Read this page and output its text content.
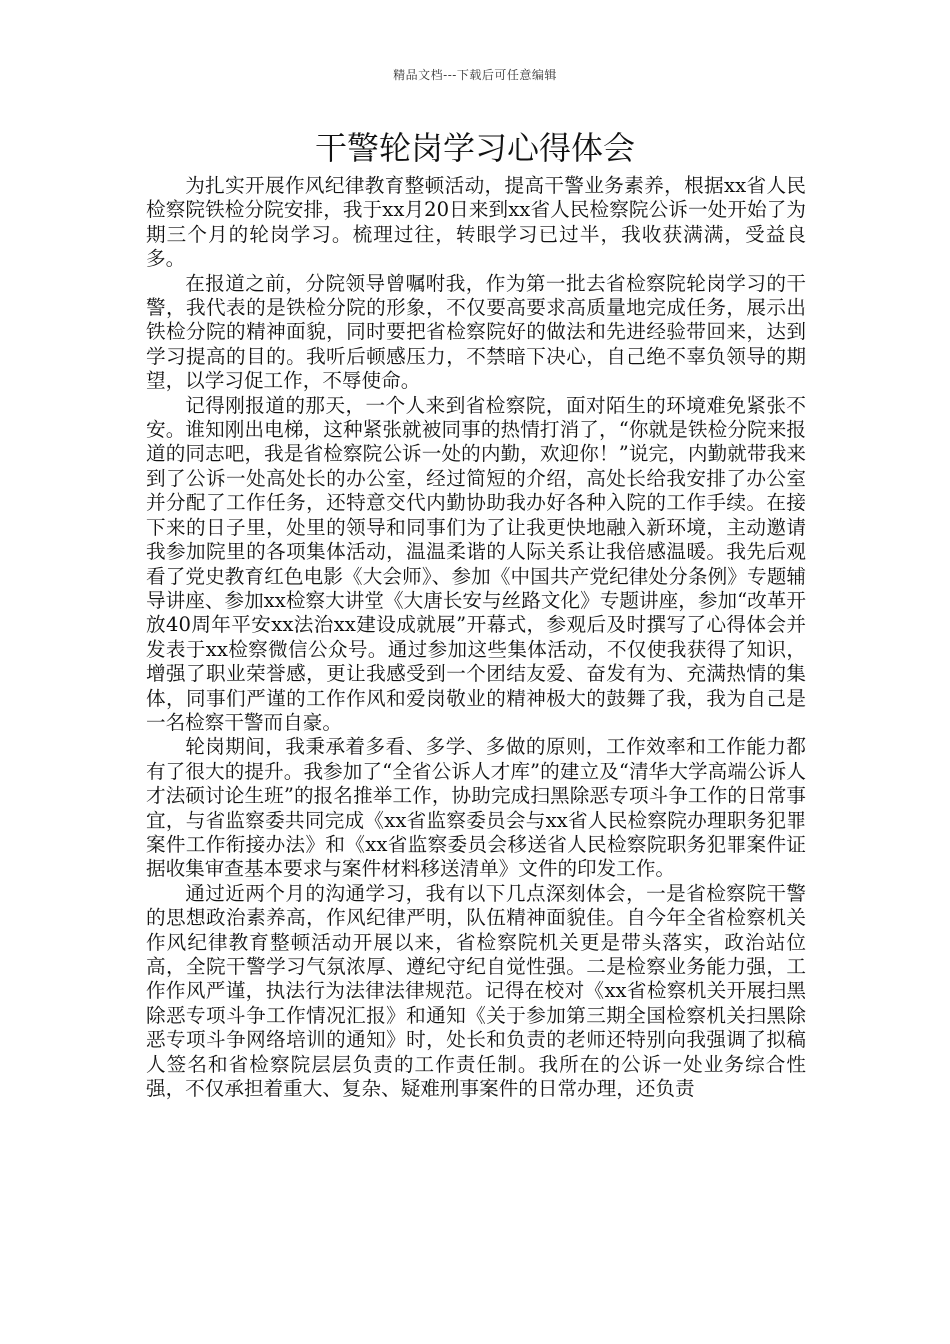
精品文档---下载后可任意编辑
干警轮岗学习心得体会

为扎实开展作风纪律教育整顿活动，提高干警业务素养，根据xx省人民检察院铁检分院安排，我于xx月20日来到xx省人民检察院公诉一处开始了为期三个月的轮岗学习。梳理过往，转眼学习已过半，我收获满满，受益良多。

在报道之前，分院领导曾嘱咐我，作为第一批去省检察院轮岗学习的干警，我代表的是铁检分院的形象，不仅要高要求高质量地完成任务，展示出铁检分院的精神面貌，同时要把省检察院好的做法和先进经验带回来，达到学习提高的目的。我听后顿感压力，不禁暗下决心，自己绝不辜负领导的期望，以学习促工作，不辱使命。

记得刚报道的那天，一个人来到省检察院，面对陌生的环境难免紧张不安。谁知刚出电梯，这种紧张就被同事的热情打消了，“你就是铁检分院来报道的同志吧，我是省检察院公诉一处的内勤，欢迎你！”说完，内勤就带我来到了公诉一处高处长的办公室，经过简短的介绍，高处长给我安排了办公室并分配了工作任务，还特意交代内勤协助我办好各种入院的工作手续。在接下来的日子里，处里的领导和同事们为了让我更快地融入新环境，主动邀请我参加院里的各项集体活动，温温柔谐的人际关系让我倍感温暖。我先后观看了党史教育红色电影《大会师》、参加《中国共产党纪律处分条例》专题辅导讲座、参加xx检察大讲堂《大唐长安与丝路文化》专题讲座，参加“改革开放40周年平安xx法治xx建设成就展”开幕式，参观后及时撰写了心得体会并发表于xx检察微信公众号。通过参加这些集体活动，不仅使我获得了知识，增强了职业荣誉感，更让我感受到一个团结友爱、奋发有为、充满热情的集体，同事们严谨的工作作风和爱岗敬业的精神极大的鼓舞了我，我为自己是一名检察干警而自豪。

轮岗期间，我秉承着多看、多学、多做的原则，工作效率和工作能力都有了很大的提升。我参加了“全省公诉人才库”的建立及“清华大学高端公诉人才法硕讨论生班”的报名推举工作，协助完成扫黑除恶专项斗争工作的日常事宜，与省监察委共同完成《xx省监察委员会与xx省人民检察院办理职务犯罪案件工作衔接办法》和《xx省监察委员会移送省人民检察院职务犯罪案件证据收集审查基本要求与案件材料移送清单》文件的印发工作。

通过近两个月的沟通学习，我有以下几点深刻体会，一是省检察院干警的思想政治素养高，作风纪律严明，队伍精神面貌佳。自今年全省检察机关作风纪律教育整顿活动开展以来，省检察院机关更是带头落实，政治站位高，全院干警学习气氛浓厚、遵纪守纪自觉性强。二是检察业务能力强，工作作风严谨，执法行为法律法律规范。记得在校对《xx省检察机关开展扫黑除恶专项斗争工作情况汇报》和通知《关于参加第三期全国检察机关扫黑除恶专项斗争网络培训的通知》时，处长和负责的老师还特别向我强调了拟稿人签名和省检察院层层负责的工作责任制。我所在的公诉一处业务综合性强，不仅承担着重大、复杂、疑难刑事案件的日常办理，还负责
